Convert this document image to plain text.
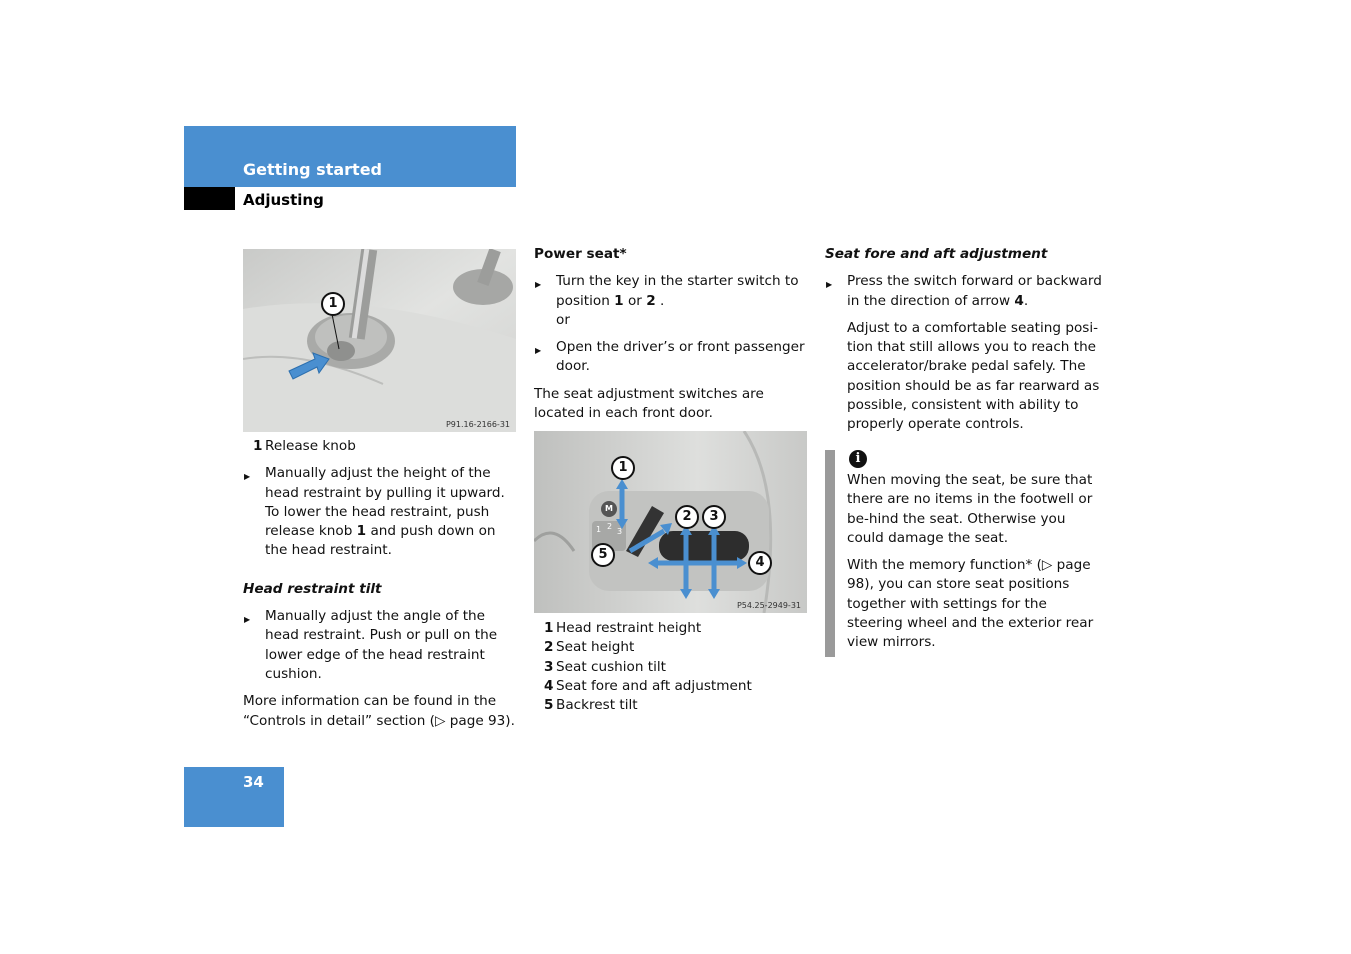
Getting started
Adjusting
1
P91.16-2166-31

1 Release knob

▶ Manually adjust the height of the head restraint by pulling it upward. To lower the head restraint, push release knob 1 and push down on the head restraint.

Head restraint tilt

▶ Manually adjust the angle of the head restraint. Push or pull on the lower edge of the head restraint cushion.

More information can be found in the “Controls in detail” section (▷ page 93).

Power seat*

▶ Turn the key in the starter switch to position 1 or 2 .
or

▶ Open the driver’s or front passenger door.

The seat adjustment switches are located in each front door.

M
1 2
3
1
2	3
4
5
P54.25-2949-31

1 Head restraint height

2 Seat height

3 Seat cushion tilt

4 Seat fore and aft adjustment

5 Backrest tilt

Seat fore and aft adjustment

▶ Press the switch forward or backward in the direction of arrow 4.

Adjust to a comfortable seating posi-tion that still allows you to reach the accelerator/brake pedal safely. The position should be as far rearward as possible, consistent with ability to properly operate controls.

i

When moving the seat, be sure that there are no items in the footwell or be-hind the seat. Otherwise you could damage the seat.

With the memory function* (▷ page 98), you can store seat positions together with settings for the steering wheel and the exterior rear view mirrors.

34
